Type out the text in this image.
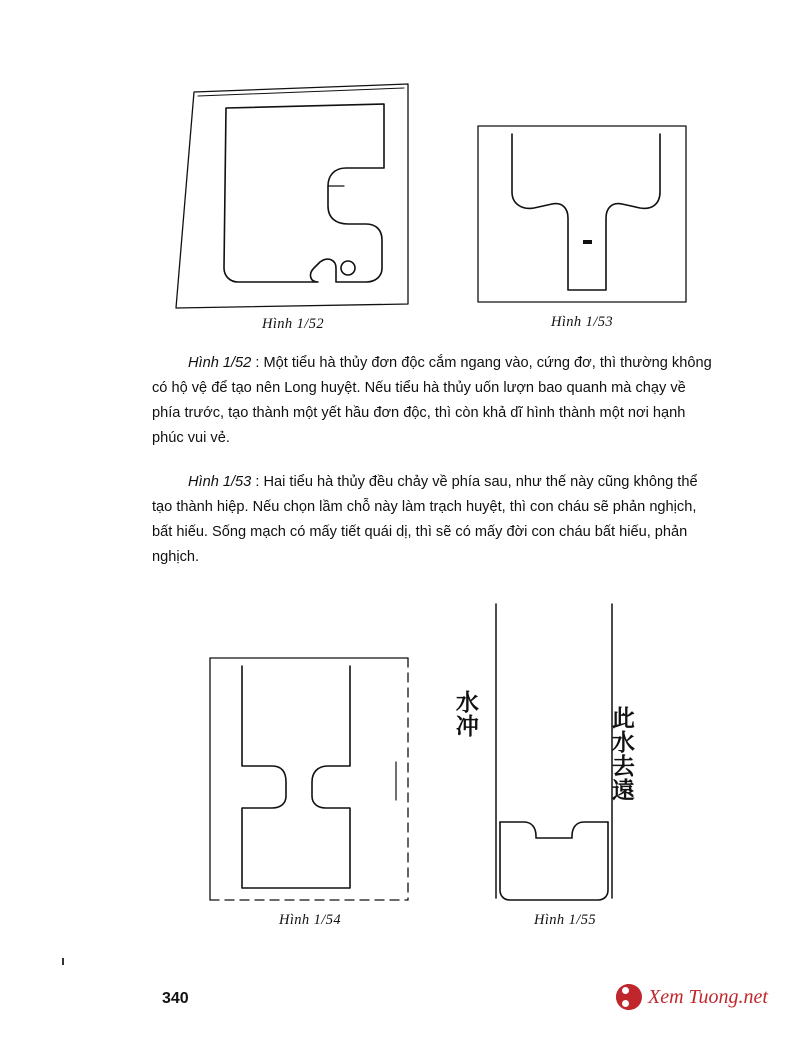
Hình 1/52	Hình 1/53

Hình 1/52 : Một tiểu hà thủy đơn độc cắm ngang vào, cứng đơ, thì thường không có hộ vệ để tạo nên Long huyệt. Nếu tiểu hà thủy uốn lượn bao quanh mà chạy về phía trước, tạo thành một yết hầu đơn độc, thì còn khả dĩ hình thành một nơi hạnh phúc vui vẻ.

Hình 1/53 : Hai tiểu hà thủy đều chảy về phía sau, như thế này cũng không thể tạo thành hiệp. Nếu chọn lầm chỗ này làm trạch huyệt, thì con cháu sẽ phản nghịch, bất hiếu. Sống mạch có mấy tiết quái dị, thì sẽ có mấy đời con cháu bất hiếu, phản nghịch.

Hình 1/54	Hình 1/55
水冲	此水去遠
340	Xem Tuong.net
